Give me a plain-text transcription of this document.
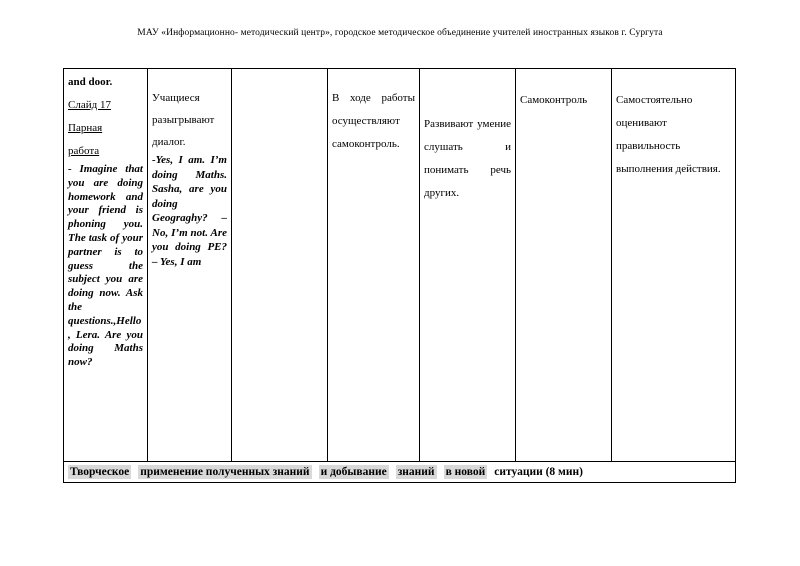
МАУ «Информационно- методический центр», городское методическое объединение учителей иностранных языков г. Сургута

and door.

Слайд 17

Парная

работа

- Imagine that you are doing homework and your friend is phoning you. The task of your partner is to guess the subject you are doing now. Ask the questions.,Hello, Lera. Are you doing Maths now?

Учащиеся разыгрывают диалог.

-Yes, I am. I’m doing Maths. Sasha, are you doing Geograghy? – No, I’m not. Are you doing PE? – Yes, I am

В ходе работы осуществляют самоконтроль.

Развивают умение слушать и понимать речь других.

Самоконтроль	Самостоятельно оценивают правильность выполнения действия.

Творческое применение полученных знаний и добывание знаний в новой ситуации (8 мин)
